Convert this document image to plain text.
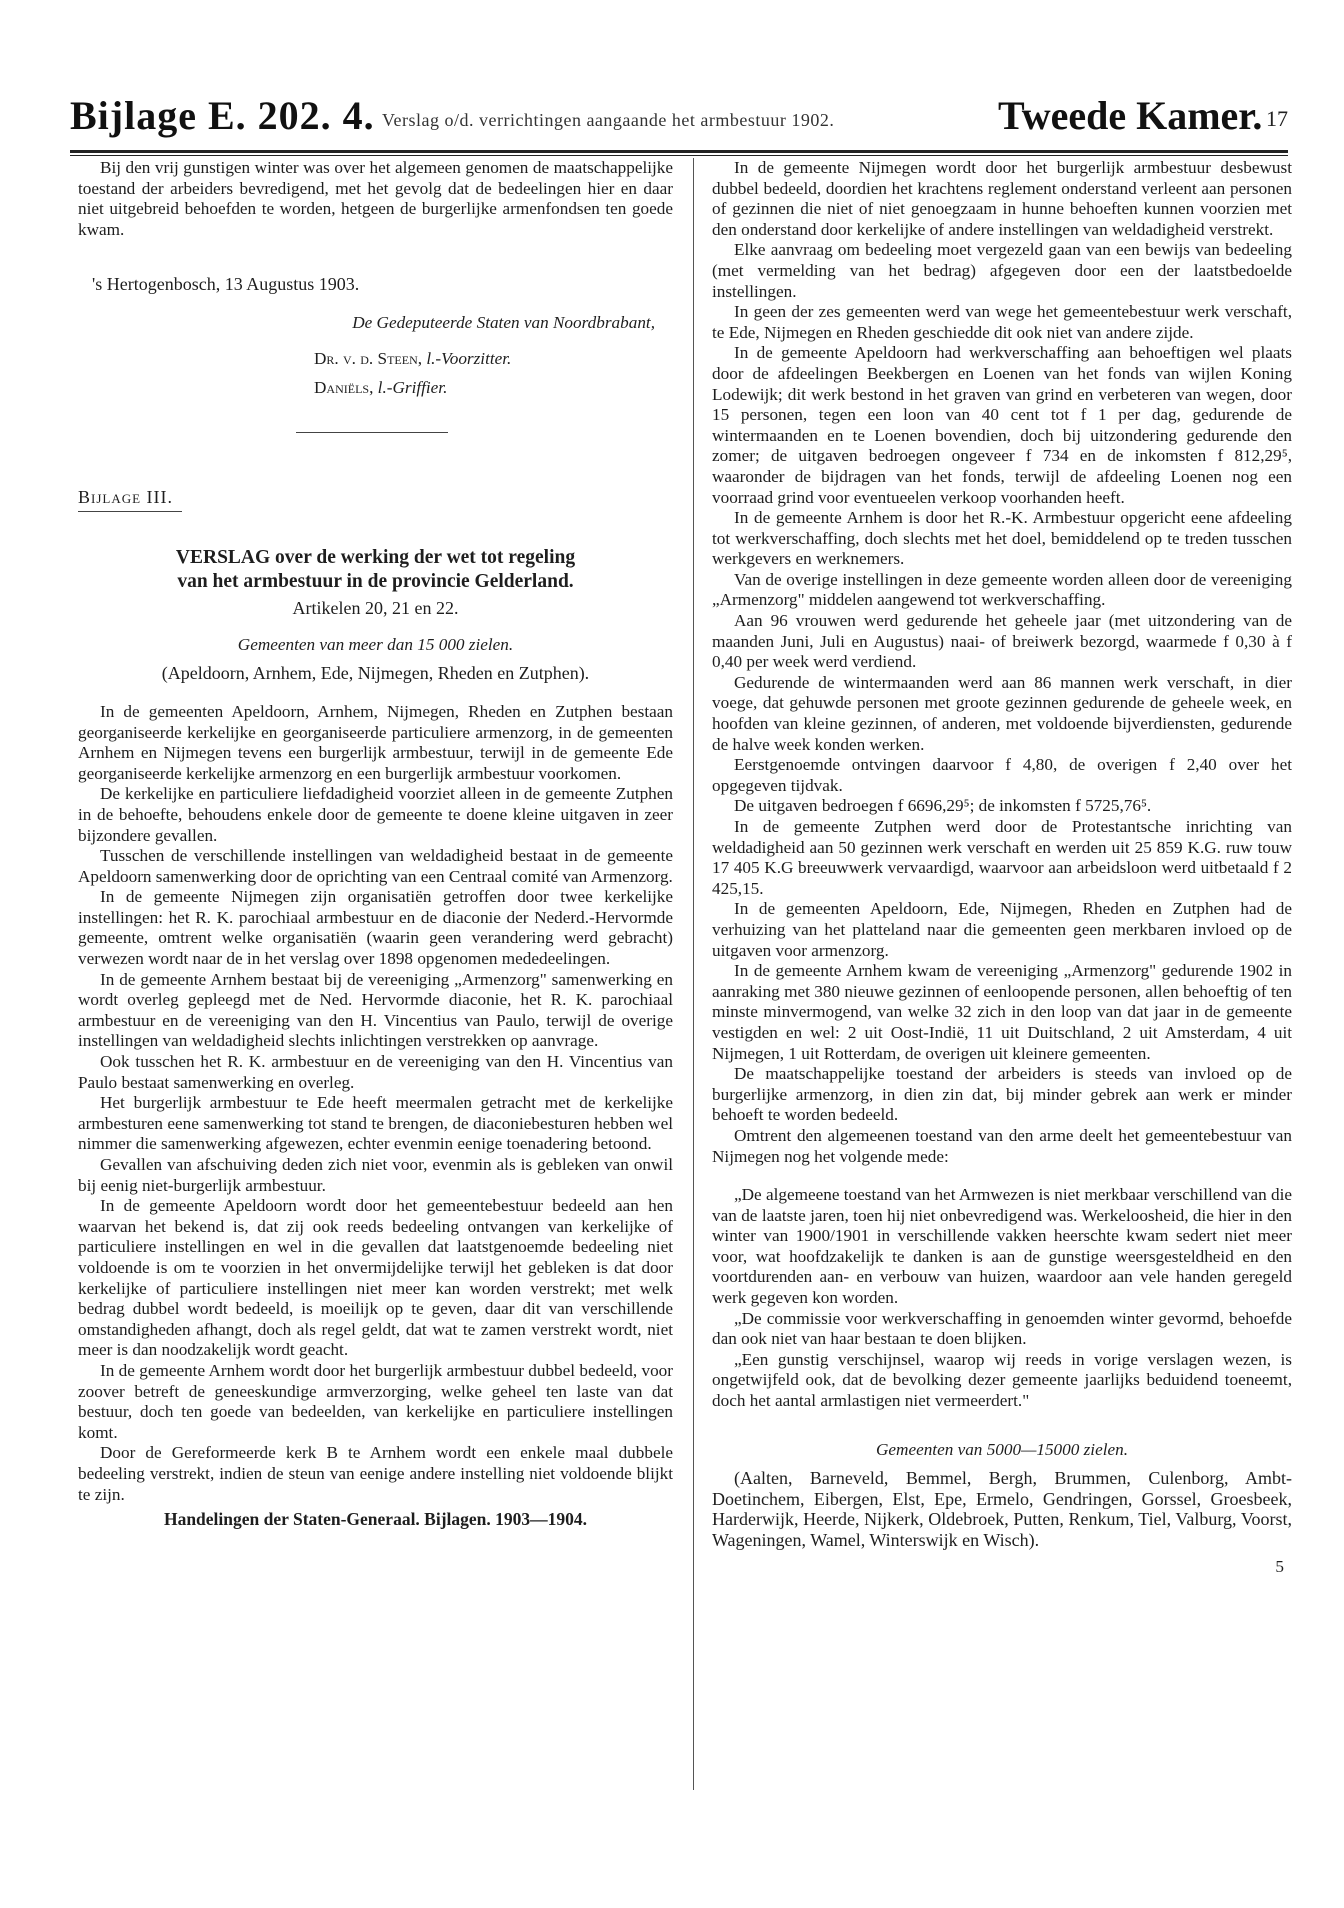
Bijlage E. 202. 4. Verslag o/d. verrichtingen aangaande het armbestuur 1902.	Tweede Kamer. 17

Bij den vrij gunstigen winter was over het algemeen genomen de maatschappelijke toestand der arbeiders bevredigend, met het gevolg dat de bedeelingen hier en daar niet uitgebreid behoefden te worden, hetgeen de burgerlijke armenfondsen ten goede kwam.

's Hertogenbosch, 13 Augustus 1903.

De Gedeputeerde Staten van Noordbrabant,

Dr. v. d. Steen, l.-Voorzitter.

Daniëls, l.-Griffier.

Bijlage III.

VERSLAG over de werking der wet tot regeling
van het armbestuur in de provincie Gelderland.

Artikelen 20, 21 en 22.

Gemeenten van meer dan 15 000 zielen.

(Apeldoorn, Arnhem, Ede, Nijmegen, Rheden en Zutphen).

In de gemeenten Apeldoorn, Arnhem, Nijmegen, Rheden en Zutphen bestaan georganiseerde kerkelijke en georganiseerde particuliere armenzorg, in de gemeenten Arnhem en Nijmegen tevens een burgerlijk armbestuur, terwijl in de gemeente Ede georganiseerde kerkelijke armenzorg en een burgerlijk armbestuur voorkomen.

De kerkelijke en particuliere liefdadigheid voorziet alleen in de gemeente Zutphen in de behoefte, behoudens enkele door de gemeente te doene kleine uitgaven in zeer bijzondere gevallen.

Tusschen de verschillende instellingen van weldadigheid bestaat in de gemeente Apeldoorn samenwerking door de oprichting van een Centraal comité van Armenzorg.

In de gemeente Nijmegen zijn organisatiën getroffen door twee kerkelijke instellingen: het R. K. parochiaal armbestuur en de diaconie der Nederd.-Hervormde gemeente, omtrent welke organisatiën (waarin geen verandering werd gebracht) verwezen wordt naar de in het verslag over 1898 opgenomen mededeelingen.

In de gemeente Arnhem bestaat bij de vereeniging „Armenzorg" samenwerking en wordt overleg gepleegd met de Ned. Hervormde diaconie, het R. K. parochiaal armbestuur en de vereeniging van den H. Vincentius van Paulo, terwijl de overige instellingen van weldadigheid slechts inlichtingen verstrekken op aanvrage.

Ook tusschen het R. K. armbestuur en de vereeniging van den H. Vincentius van Paulo bestaat samenwerking en overleg.

Het burgerlijk armbestuur te Ede heeft meermalen getracht met de kerkelijke armbesturen eene samenwerking tot stand te brengen, de diaconiebesturen hebben wel nimmer die samenwerking afgewezen, echter evenmin eenige toenadering betoond.

Gevallen van afschuiving deden zich niet voor, evenmin als is gebleken van onwil bij eenig niet-burgerlijk armbestuur.

In de gemeente Apeldoorn wordt door het gemeentebestuur bedeeld aan hen waarvan het bekend is, dat zij ook reeds bedeeling ontvangen van kerkelijke of particuliere instellingen en wel in die gevallen dat laatstgenoemde bedeeling niet voldoende is om te voorzien in het onvermijdelijke terwijl het gebleken is dat door kerkelijke of particuliere instellingen niet meer kan worden verstrekt; met welk bedrag dubbel wordt bedeeld, is moeilijk op te geven, daar dit van verschillende omstandigheden afhangt, doch als regel geldt, dat wat te zamen verstrekt wordt, niet meer is dan noodzakelijk wordt geacht.

In de gemeente Arnhem wordt door het burgerlijk armbestuur dubbel bedeeld, voor zoover betreft de geneeskundige armverzorging, welke geheel ten laste van dat bestuur, doch ten goede van bedeelden, van kerkelijke en particuliere instellingen komt.

Door de Gereformeerde kerk B te Arnhem wordt een enkele maal dubbele bedeeling verstrekt, indien de steun van eenige andere instelling niet voldoende blijkt te zijn.

Handelingen der Staten-Generaal. Bijlagen. 1903—1904.

In de gemeente Nijmegen wordt door het burgerlijk armbestuur desbewust dubbel bedeeld, doordien het krachtens reglement onderstand verleent aan personen of gezinnen die niet of niet genoegzaam in hunne behoeften kunnen voorzien met den onderstand door kerkelijke of andere instellingen van weldadigheid verstrekt.

Elke aanvraag om bedeeling moet vergezeld gaan van een bewijs van bedeeling (met vermelding van het bedrag) afgegeven door een der laatstbedoelde instellingen.

In geen der zes gemeenten werd van wege het gemeentebestuur werk verschaft, te Ede, Nijmegen en Rheden geschiedde dit ook niet van andere zijde.

In de gemeente Apeldoorn had werkverschaffing aan behoeftigen wel plaats door de afdeelingen Beekbergen en Loenen van het fonds van wijlen Koning Lodewijk; dit werk bestond in het graven van grind en verbeteren van wegen, door 15 personen, tegen een loon van 40 cent tot f 1 per dag, gedurende de wintermaanden en te Loenen bovendien, doch bij uitzondering gedurende den zomer; de uitgaven bedroegen ongeveer f 734 en de inkomsten f 812,29⁵, waaronder de bijdragen van het fonds, terwijl de afdeeling Loenen nog een voorraad grind voor eventueelen verkoop voorhanden heeft.

In de gemeente Arnhem is door het R.-K. Armbestuur opgericht eene afdeeling tot werkverschaffing, doch slechts met het doel, bemiddelend op te treden tusschen werkgevers en werknemers.

Van de overige instellingen in deze gemeente worden alleen door de vereeniging „Armenzorg" middelen aangewend tot werkverschaffing.

Aan 96 vrouwen werd gedurende het geheele jaar (met uitzondering van de maanden Juni, Juli en Augustus) naai- of breiwerk bezorgd, waarmede f 0,30 à f 0,40 per week werd verdiend.

Gedurende de wintermaanden werd aan 86 mannen werk verschaft, in dier voege, dat gehuwde personen met groote gezinnen gedurende de geheele week, en hoofden van kleine gezinnen, of anderen, met voldoende bijverdiensten, gedurende de halve week konden werken.

Eerstgenoemde ontvingen daarvoor f 4,80, de overigen f 2,40 over het opgegeven tijdvak.

De uitgaven bedroegen f 6696,29⁵; de inkomsten f 5725,76⁵.

In de gemeente Zutphen werd door de Protestantsche inrichting van weldadigheid aan 50 gezinnen werk verschaft en werden uit 25 859 K.G. ruw touw 17 405 K.G breeuwwerk vervaardigd, waarvoor aan arbeidsloon werd uitbetaald f 2 425,15.

In de gemeenten Apeldoorn, Ede, Nijmegen, Rheden en Zutphen had de verhuizing van het platteland naar die gemeenten geen merkbaren invloed op de uitgaven voor armenzorg.

In de gemeente Arnhem kwam de vereeniging „Armenzorg" gedurende 1902 in aanraking met 380 nieuwe gezinnen of eenloopende personen, allen behoeftig of ten minste minvermogend, van welke 32 zich in den loop van dat jaar in de gemeente vestigden en wel: 2 uit Oost-Indië, 11 uit Duitschland, 2 uit Amsterdam, 4 uit Nijmegen, 1 uit Rotterdam, de overigen uit kleinere gemeenten.

De maatschappelijke toestand der arbeiders is steeds van invloed op de burgerlijke armenzorg, in dien zin dat, bij minder gebrek aan werk er minder behoeft te worden bedeeld.

Omtrent den algemeenen toestand van den arme deelt het gemeentebestuur van Nijmegen nog het volgende mede:

„De algemeene toestand van het Armwezen is niet merkbaar verschillend van die van de laatste jaren, toen hij niet onbevredigend was. Werkeloosheid, die hier in den winter van 1900/1901 in verschillende vakken heerschte kwam sedert niet meer voor, wat hoofdzakelijk te danken is aan de gunstige weersgesteldheid en den voortdurenden aan- en verbouw van huizen, waardoor aan vele handen geregeld werk gegeven kon worden.

„De commissie voor werkverschaffing in genoemden winter gevormd, behoefde dan ook niet van haar bestaan te doen blijken.

„Een gunstig verschijnsel, waarop wij reeds in vorige verslagen wezen, is ongetwijfeld ook, dat de bevolking dezer gemeente jaarlijks beduidend toeneemt, doch het aantal armlastigen niet vermeerdert."

Gemeenten van 5000—15000 zielen.

(Aalten, Barneveld, Bemmel, Bergh, Brummen, Culenborg, Ambt-Doetinchem, Eibergen, Elst, Epe, Ermelo, Gendringen, Gorssel, Groesbeek, Harderwijk, Heerde, Nijkerk, Oldebroek, Putten, Renkum, Tiel, Valburg, Voorst, Wageningen, Wamel, Winterswijk en Wisch).

5
